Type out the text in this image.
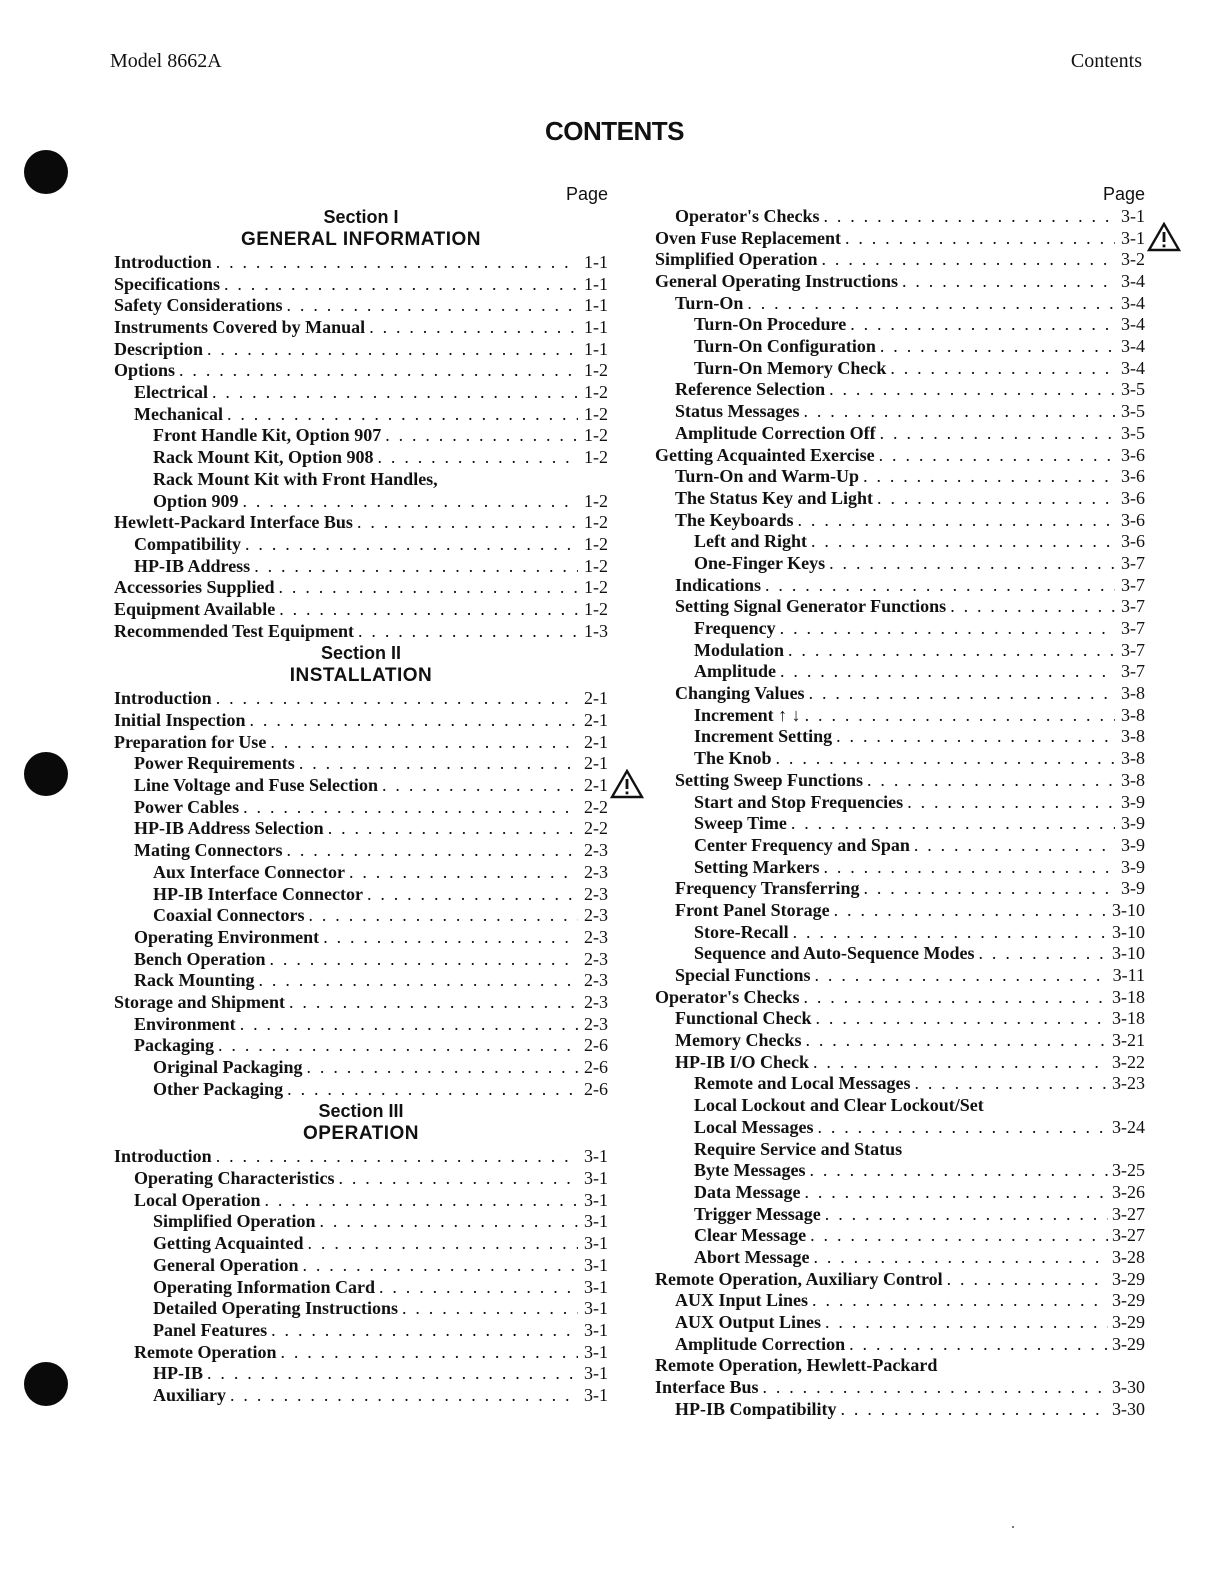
Model 8662A	Contents
CONTENTS
Page
Section I
GENERAL INFORMATION
Introduction . . .	1-1
Specifications . . .	1-1
Safety Considerations . . .	1-1
Instruments Covered by Manual . . .	1-1
Description . . .	1-1
Options . . .	1-2
Electrical . . .	1-2
Mechanical . . .	1-2
Front Handle Kit, Option 907 . . .	1-2
Rack Mount Kit, Option 908 . . .	1-2
Rack Mount Kit with Front Handles,
Option 909 . . .	1-2
Hewlett-Packard Interface Bus . . .	1-2
Compatibility . . .	1-2
HP-IB Address . . .	1-2
Accessories Supplied . . .	1-2
Equipment Available . . .	1-2
Recommended Test Equipment . . .	1-3
Section II
INSTALLATION
Introduction . . .	2-1
Initial Inspection . . .	2-1
Preparation for Use . . .	2-1
Power Requirements . . .	2-1
Line Voltage and Fuse Selection . . .	2-1
Power Cables . . .	2-2
HP-IB Address Selection . . .	2-2
Mating Connectors . . .	2-3
Aux Interface Connector . . .	2-3
HP-IB Interface Connector . . .	2-3
Coaxial Connectors . . .	2-3
Operating Environment . . .	2-3
Bench Operation . . .	2-3
Rack Mounting . . .	2-3
Storage and Shipment . . .	2-3
Environment . . .	2-3
Packaging . . .	2-6
Original Packaging . . .	2-6
Other Packaging . . .	2-6
Section III
OPERATION
Introduction . . .	3-1
Operating Characteristics . . .	3-1
Local Operation . . .	3-1
Simplified Operation . . .	3-1
Getting Acquainted . . .	3-1
General Operation . . .	3-1
Operating Information Card . . .	3-1
Detailed Operating Instructions . . .	3-1
Panel Features . . .	3-1
Remote Operation . . .	3-1
HP-IB . . .	3-1
Auxiliary . . .	3-1
Page
Operator's Checks . . .	3-1
Oven Fuse Replacement . . .	3-1
Simplified Operation . . .	3-2
General Operating Instructions . . .	3-4
Turn-On . . .	3-4
Turn-On Procedure . . .	3-4
Turn-On Configuration . . .	3-4
Turn-On Memory Check . . .	3-4
Reference Selection . . .	3-5
Status Messages . . .	3-5
Amplitude Correction Off . . .	3-5
Getting Acquainted Exercise . . .	3-6
Turn-On and Warm-Up . . .	3-6
The Status Key and Light . . .	3-6
The Keyboards . . .	3-6
Left and Right . . .	3-6
One-Finger Keys . . .	3-7
Indications . . .	3-7
Setting Signal Generator Functions . . .	3-7
Frequency . . .	3-7
Modulation . . .	3-7
Amplitude . . .	3-7
Changing Values . . .	3-8
Increment ↑ ↓ . . .	3-8
Increment Setting . . .	3-8
The Knob . . .	3-8
Setting Sweep Functions . . .	3-8
Start and Stop Frequencies . . .	3-9
Sweep Time . . .	3-9
Center Frequency and Span . . .	3-9
Setting Markers . . .	3-9
Frequency Transferring . . .	3-9
Front Panel Storage . . .	3-10
Store-Recall . . .	3-10
Sequence and Auto-Sequence Modes . . .	3-10
Special Functions . . .	3-11
Operator's Checks . . .	3-18
Functional Check . . .	3-18
Memory Checks . . .	3-21
HP-IB I/O Check . . .	3-22
Remote and Local Messages . . .	3-23
Local Lockout and Clear Lockout/Set
Local Messages . . .	3-24
Require Service and Status
Byte Messages . . .	3-25
Data Message . . .	3-26
Trigger Message . . .	3-27
Clear Message . . .	3-27
Abort Message . . .	3-28
Remote Operation, Auxiliary Control . . .	3-29
AUX Input Lines . . .	3-29
AUX Output Lines . . .	3-29
Amplitude Correction . . .	3-29
Remote Operation, Hewlett-Packard
Interface Bus . . .	3-30
HP-IB Compatibility . . .	3-30
